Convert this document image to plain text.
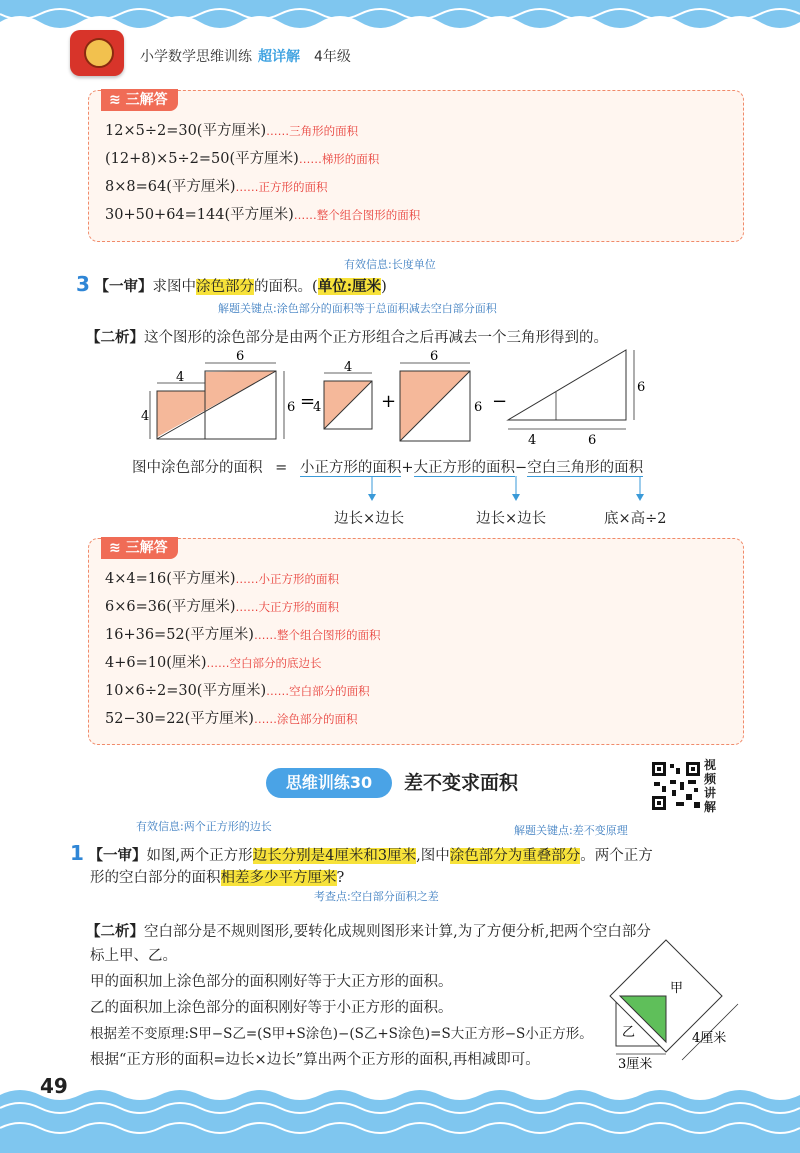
小学数学思维训练 超详解 4年级
≋ 三解答
12×5÷2=30(平方厘米)……三角形的面积
(12+8)×5÷2=50(平方厘米)……梯形的面积
8×8=64(平方厘米)……正方形的面积
30+50+64=144(平方厘米)……整个组合图形的面积
有效信息:长度单位
3 【一审】求图中涂色部分的面积。(单位:厘米)
解题关键点:涂色部分的面积等于总面积减去空白部分面积
【二析】这个图形的涂色部分是由两个正方形组合之后再减去一个三角形得到的。
4
6
4
6 =
4
4	+
6
6 −
4	6
6
图中涂色部分的面积 = 小正方形的面积+大正方形的面积−空白三角形的面积
边长×边长	边长×边长	底×高÷2
≋ 三解答
4×4=16(平方厘米)……小正方形的面积
6×6=36(平方厘米)……大正方形的面积
16+36=52(平方厘米)……整个组合图形的面积
4+6=10(厘米)……空白部分的底边长
10×6÷2=30(平方厘米)……空白部分的面积
52−30=22(平方厘米)……涂色部分的面积
思维训练30	差不变求面积
视频讲解
有效信息:两个正方形的边长	解题关键点:差不变原理
1 【一审】如图,两个正方形边长分别是4厘米和3厘米,图中涂色部分为重叠部分。两个正方
形的空白部分的面积相差多少平方厘米?
考查点:空白部分面积之差
【二析】空白部分是不规则图形,要转化成规则图形来计算,为了方便分析,把两个空白部分
标上甲、乙。
甲的面积加上涂色部分的面积刚好等于大正方形的面积。
乙的面积加上涂色部分的面积刚好等于小正方形的面积。
根据差不变原理:S甲−S乙=(S甲+S涂色)−(S乙+S涂色)=S大正方形−S小正方形。
根据“正方形的面积=边长×边长”算出两个正方形的面积,再相减即可。
甲
乙	4厘米
3厘米
49
